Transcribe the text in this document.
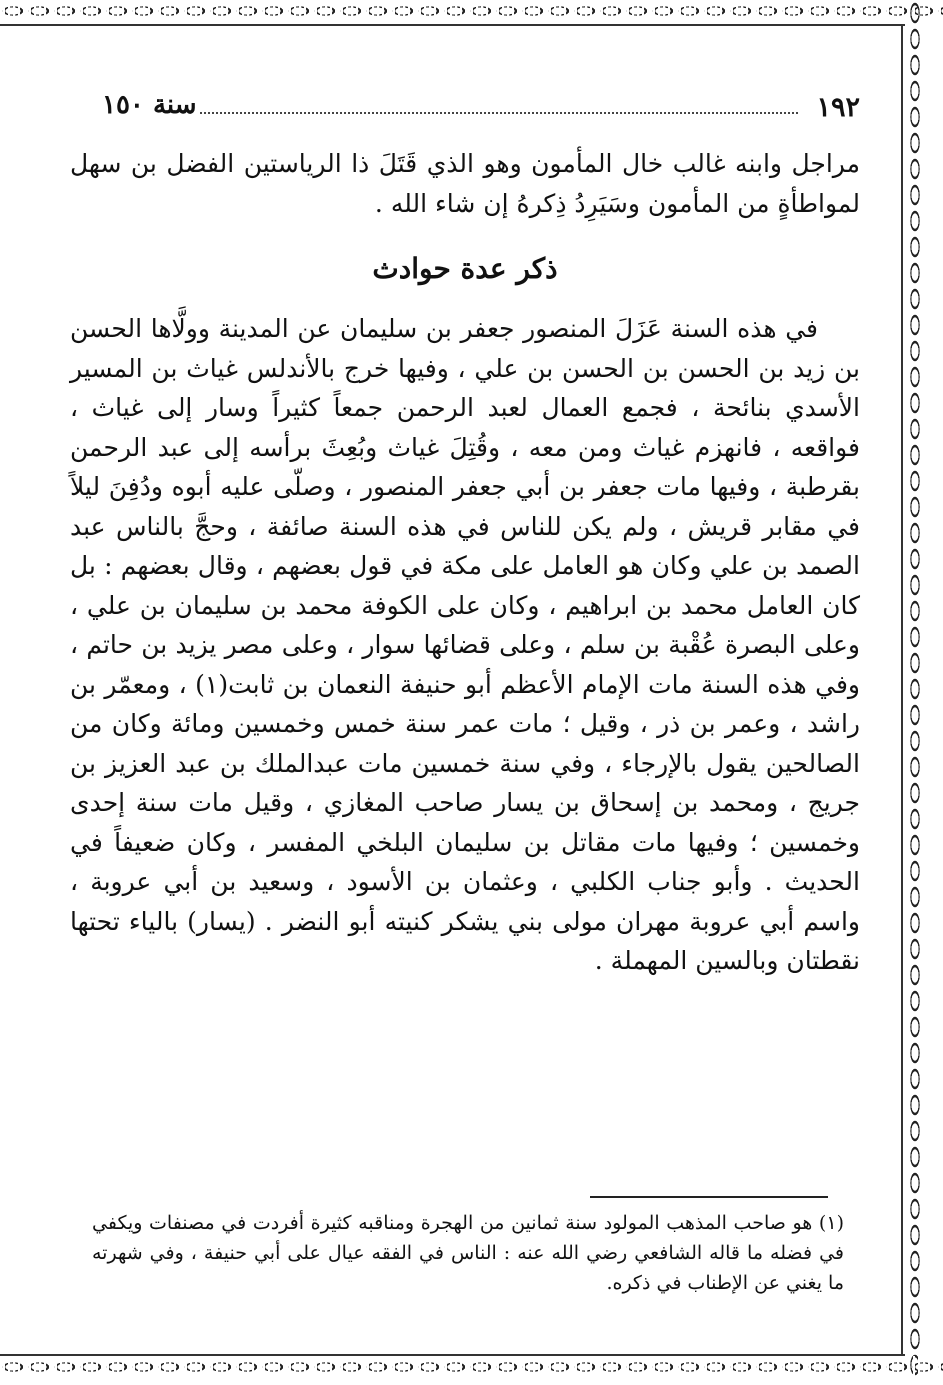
١٩٢
سنة ١٥٠

مراجل وابنه غالب خال المأمون وهو الذي قَتَلَ ذا الرياستين الفضل بن سهل لمواطأةٍ من المأمون وسَيَرِدُ ذِكرهُ إن شاء الله .

ذكر عدة حوادث

في هذه السنة عَزَلَ المنصور جعفر بن سليمان عن المدينة وولَّاها الحسن بن زيد بن الحسن بن الحسن بن علي ، وفيها خرج بالأندلس غياث بن المسير الأسدي بنائحة ، فجمع العمال لعبد الرحمن جمعاً كثيراً وسار إلى غياث ، فواقعه ، فانهزم غياث ومن معه ، وقُتِلَ غياث وبُعِثَ برأسه إلى عبد الرحمن بقرطبة ، وفيها مات جعفر بن أبي جعفر المنصور ، وصلّى عليه أبوه ودُفِنَ ليلاً في مقابر قريش ، ولم يكن للناس في هذه السنة صائفة ، وحجَّ بالناس عبد الصمد بن علي وكان هو العامل على مكة في قول بعضهم ، وقال بعضهم : بل كان العامل محمد بن ابراهيم ، وكان على الكوفة محمد بن سليمان بن علي ، وعلى البصرة عُقْبة بن سلم ، وعلى قضائها سوار ، وعلى مصر يزيد بن حاتم ، وفي هذه السنة مات الإمام الأعظم أبو حنيفة النعمان بن ثابت(١) ، ومعمّر بن راشد ، وعمر بن ذر ، وقيل ؛ مات عمر سنة خمس وخمسين ومائة وكان من الصالحين يقول بالإرجاء ، وفي سنة خمسين مات عبدالملك بن عبد العزيز بن جريج ، ومحمد بن إسحاق بن يسار صاحب المغازي ، وقيل مات سنة إحدى وخمسين ؛ وفيها مات مقاتل بن سليمان البلخي المفسر ، وكان ضعيفاً في الحديث . وأبو جناب الكلبي ، وعثمان بن الأسود ، وسعيد بن أبي عروبة ، واسم أبي عروبة مهران مولى بني يشكر كنيته أبو النضر . (يسار) بالياء تحتها نقطتان وبالسين المهملة .

(١) هو صاحب المذهب المولود سنة ثمانين من الهجرة ومناقبه كثيرة أفردت في مصنفات ويكفي في فضله ما قاله الشافعي رضي الله عنه : الناس في الفقه عيال على أبي حنيفة ، وفي شهرته ما يغني عن الإطناب في ذكره.
